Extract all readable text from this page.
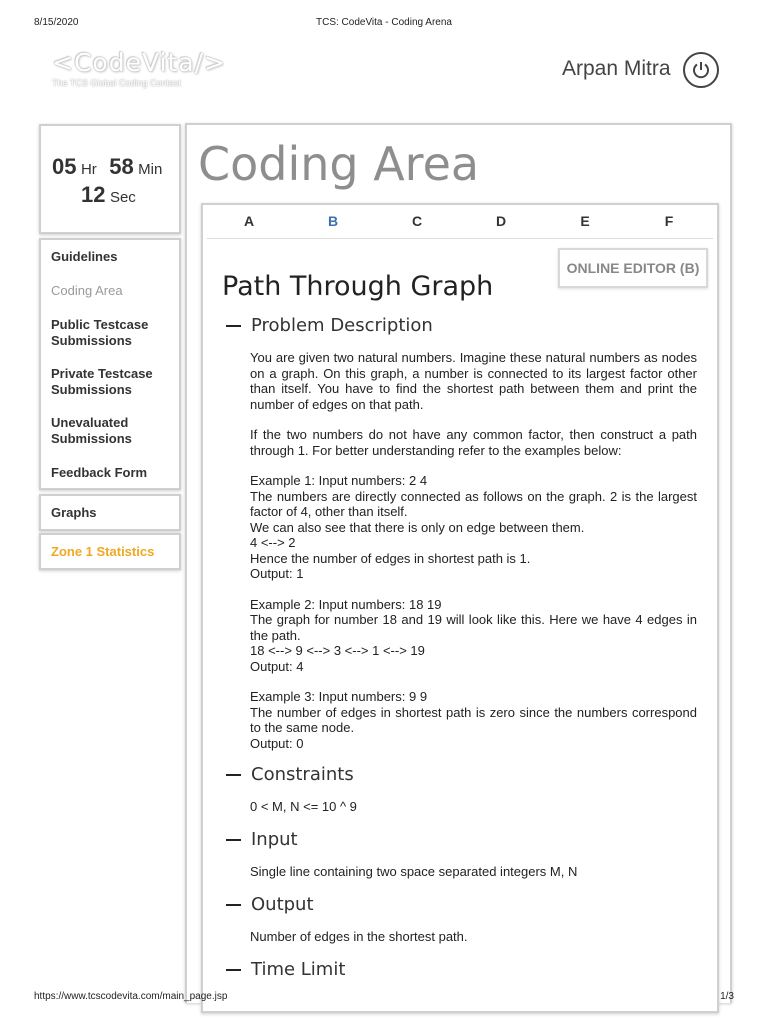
8/15/2020	TCS: CodeVita - Coding Arena
<CodeVita/>
The TCS Global Coding Contest
Arpan Mitra
05 Hr 58 Min
12 Sec
Guidelines
Coding Area
Public Testcase Submissions
Private Testcase Submissions
Unevaluated Submissions
Feedback Form
Graphs
Zone 1 Statistics
Coding Area
A	B	C	D	E	F
ONLINE EDITOR (B)
Path Through Graph
Problem Description

You are given two natural numbers. Imagine these natural numbers as nodes on a graph. On this graph, a number is connected to its largest factor other than itself. You have to find the shortest path between them and print the number of edges on that path.

If the two numbers do not have any common factor, then construct a path through 1. For better understanding refer to the examples below:

Example 1: Input numbers: 2 4

The numbers are directly connected as follows on the graph. 2 is the largest factor of 4, other than itself.

We can also see that there is only on edge between them.

4 <--> 2

Hence the number of edges in shortest path is 1.

Output: 1

Example 2: Input numbers: 18 19

The graph for number 18 and 19 will look like this. Here we have 4 edges in the path.

18 <--> 9 <--> 3 <--> 1 <--> 19

Output: 4

Example 3: Input numbers: 9 9

The number of edges in shortest path is zero since the numbers correspond to the same node.

Output: 0

Constraints
0 < M, N <= 10 ^ 9
Input
Single line containing two space separated integers M, N
Output
Number of edges in the shortest path.
Time Limit
https://www.tcscodevita.com/main_page.jsp	1/3
